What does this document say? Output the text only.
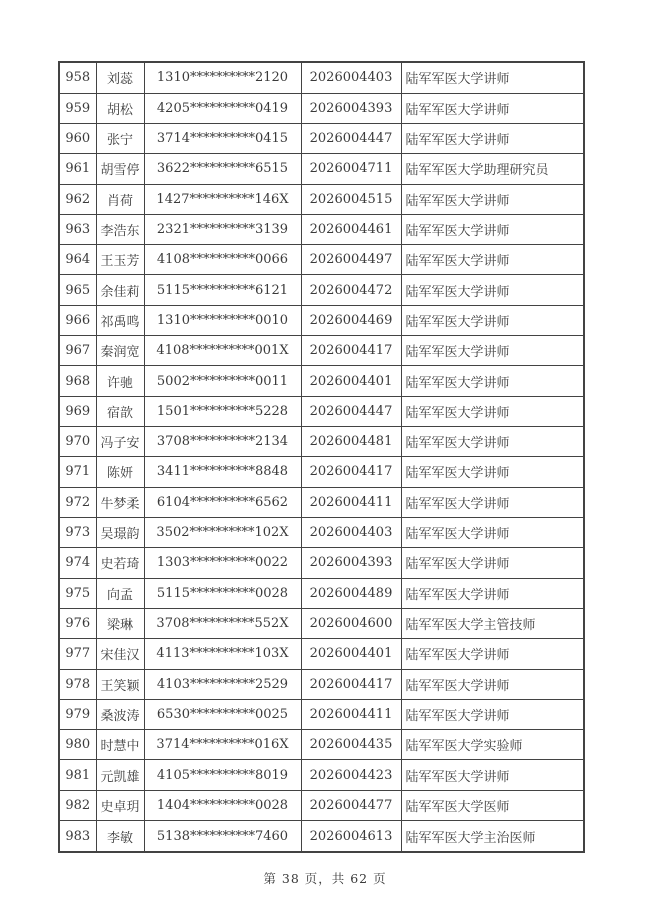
958	刘蕊	1310**********2120	2026004403	陆军军医大学讲师
959	胡松	4205**********0419	2026004393	陆军军医大学讲师
960	张宁	3714**********0415	2026004447	陆军军医大学讲师
961	胡雪停	3622**********6515	2026004711	陆军军医大学助理研究员
962	肖荷	1427**********146X	2026004515	陆军军医大学讲师
963	李浩东	2321**********3139	2026004461	陆军军医大学讲师
964	王玉芳	4108**********0066	2026004497	陆军军医大学讲师
965	余佳莉	5115**********6121	2026004472	陆军军医大学讲师
966	祁禹鸣	1310**********0010	2026004469	陆军军医大学讲师
967	秦润宽	4108**********001X	2026004417	陆军军医大学讲师
968	许驰	5002**********0011	2026004401	陆军军医大学讲师
969	宿歆	1501**********5228	2026004447	陆军军医大学讲师
970	冯子安	3708**********2134	2026004481	陆军军医大学讲师
971	陈妍	3411**********8848	2026004417	陆军军医大学讲师
972	牛梦柔	6104**********6562	2026004411	陆军军医大学讲师
973	吴璟韵	3502**********102X	2026004403	陆军军医大学讲师
974	史若琦	1303**********0022	2026004393	陆军军医大学讲师
975	向孟	5115**********0028	2026004489	陆军军医大学讲师
976	梁琳	3708**********552X	2026004600	陆军军医大学主管技师
977	宋佳汉	4113**********103X	2026004401	陆军军医大学讲师
978	王笑颖	4103**********2529	2026004417	陆军军医大学讲师
979	桑波涛	6530**********0025	2026004411	陆军军医大学讲师
980	时慧中	3714**********016X	2026004435	陆军军医大学实验师
981	元凯雄	4105**********8019	2026004423	陆军军医大学讲师
982	史卓玥	1404**********0028	2026004477	陆军军医大学医师
983	李敏	5138**********7460	2026004613	陆军军医大学主治医师
第 38 页，共 62 页
